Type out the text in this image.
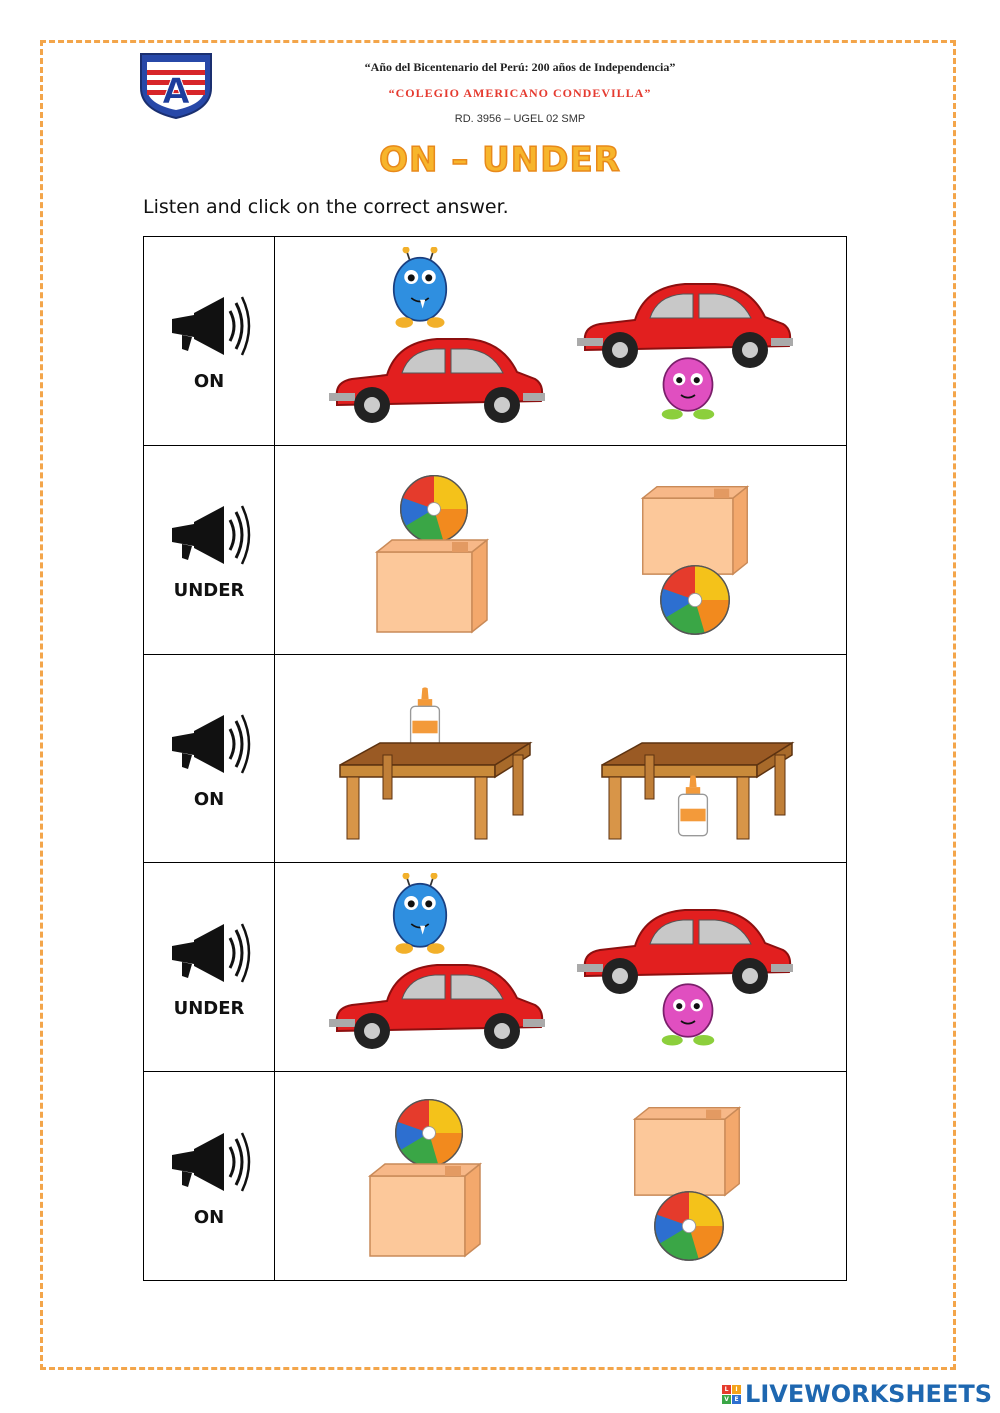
A
“Año del Bicentenario del Perú: 200 años de Independencia”
“COLEGIO AMERICANO CONDEVILLA”
RD. 3956 – UGEL 02 SMP
ON – UNDER
Listen and click on the correct answer.
ON

UNDER

ON

UNDER

ON

L	I
V E LIVEWORKSHEETS
